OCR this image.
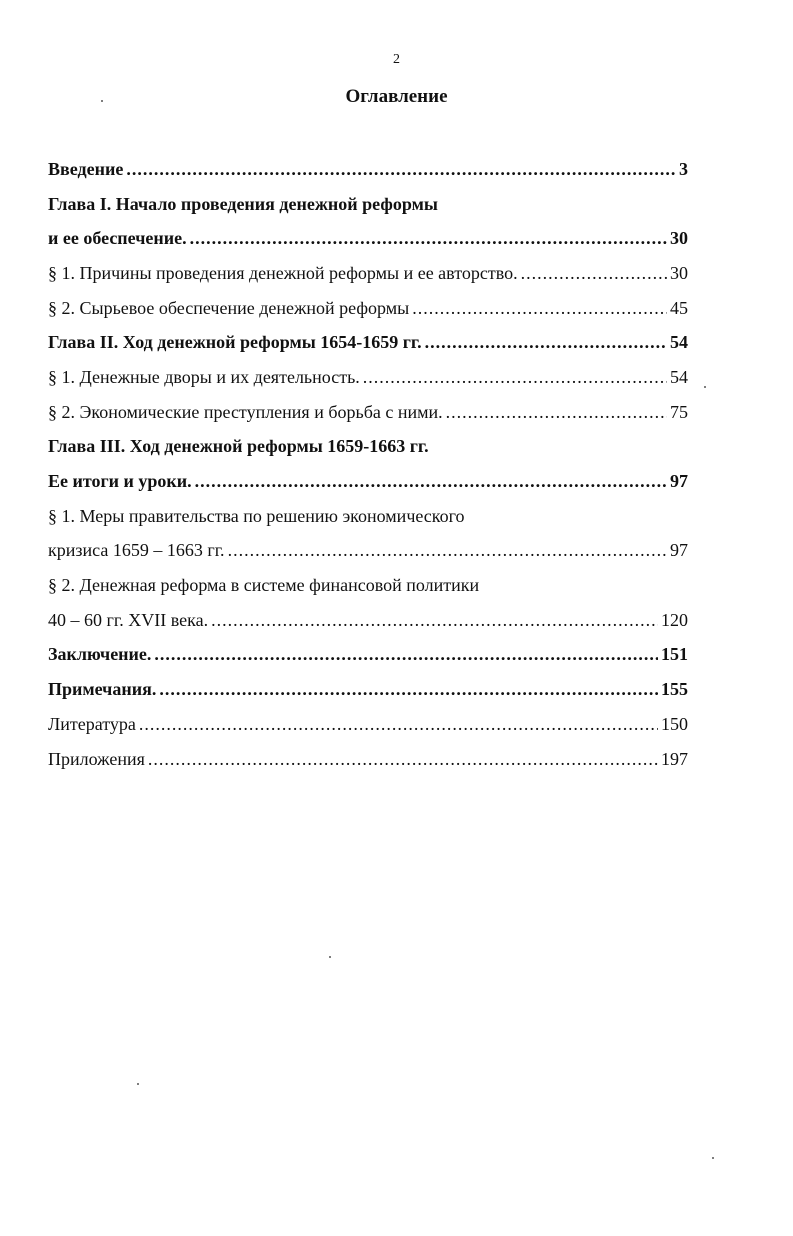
2
Оглавление
Введение .....	3
Глава I. Начало проведения денежной реформы
и ее обеспечение. .....	30
§ 1. Причины проведения денежной реформы и ее авторство. .....	30
§ 2. Сырьевое обеспечение денежной реформы .....	45
Глава II. Ход денежной реформы 1654-1659 гг. .....	54
§ 1. Денежные дворы и их деятельность. .....	54
§ 2. Экономические преступления и борьба с ними. .....	75
Глава III. Ход денежной реформы 1659-1663 гг.
Ее итоги и уроки. .....	97
§ 1. Меры правительства по решению экономического
кризиса 1659 – 1663 гг. .....	97
§ 2. Денежная реформа в системе финансовой политики
40 – 60 гг. XVII века. .....	120
Заключение. .....	151
Примечания. .....	155
Литература .....	150
Приложения .....	197
